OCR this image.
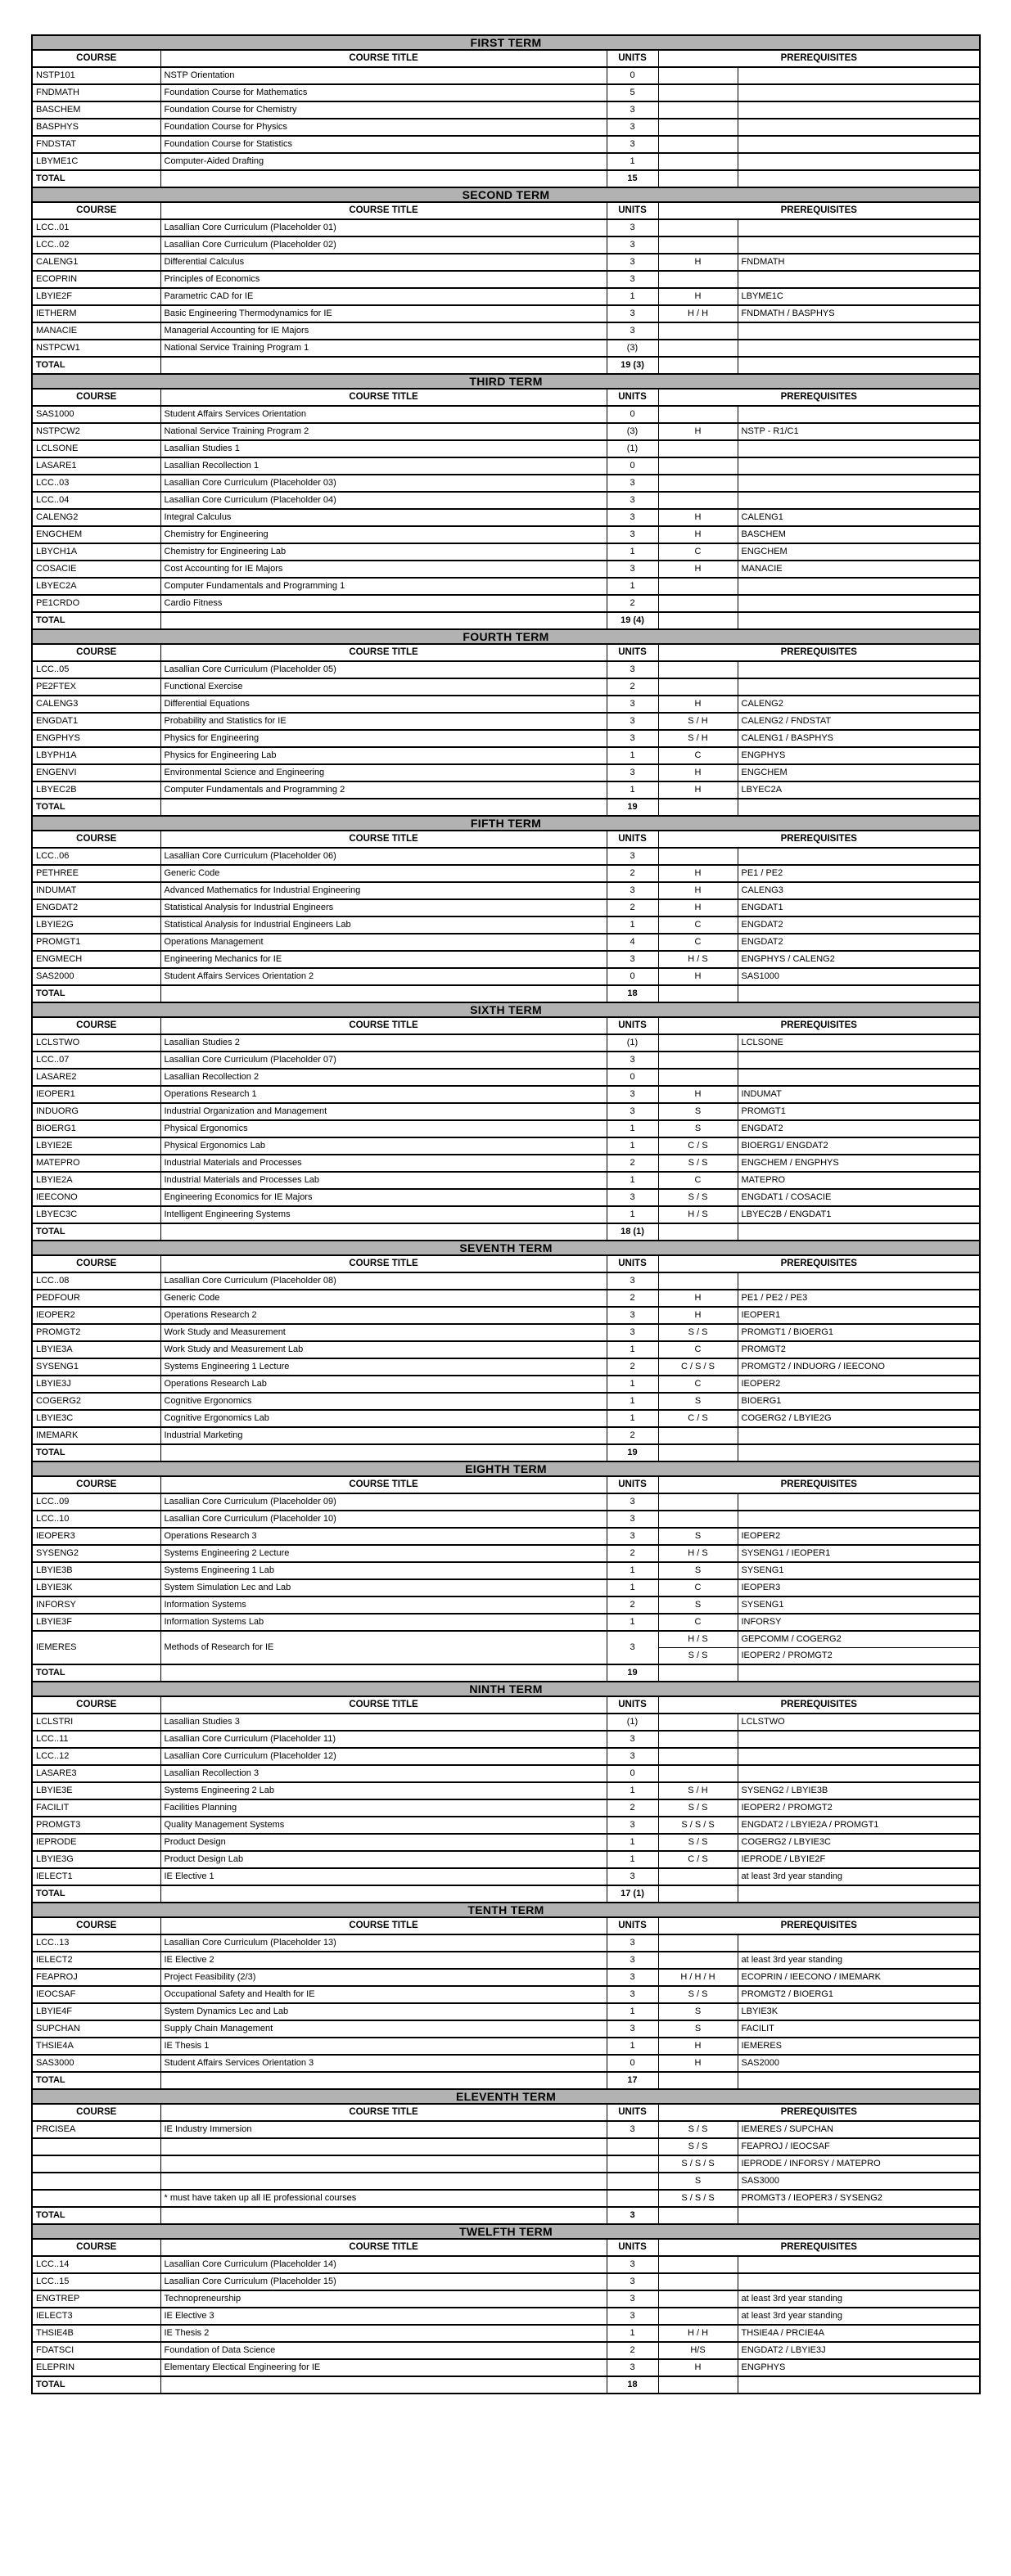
FIRST TERM				
COURSE	COURSE TITLE	UNITS	PREREQUISITES	
NSTP101	NSTP Orientation	0		
FNDMATH	Foundation Course for Mathematics	5		
BASCHEM	Foundation Course for Chemistry	3		
BASPHYS	Foundation Course for Physics	3		
FNDSTAT	Foundation Course for Statistics	3		
LBYME1C	Computer-Aided Drafting	1		
TOTAL		15		
SECOND TERM				
COURSE	COURSE TITLE	UNITS	PREREQUISITES	
LCC..01	Lasallian Core Curriculum (Placeholder 01)	3		
LCC..02	Lasallian Core Curriculum (Placeholder 02)	3		
CALENG1	Differential Calculus	3	H	FNDMATH
ECOPRIN	Principles of Economics	3		
LBYIE2F	Parametric CAD for IE	1	H	LBYME1C
IETHERM	Basic Engineering Thermodynamics for IE	3	H / H	FNDMATH / BASPHYS
MANACIE	Managerial Accounting for IE Majors	3		
NSTPCW1	National Service Training Program 1	(3)		
TOTAL		19 (3)		
THIRD TERM				
COURSE	COURSE TITLE	UNITS	PREREQUISITES	
SAS1000	Student Affairs Services Orientation	0		
NSTPCW2	National Service Training Program 2	(3)	H	NSTP - R1/C1
LCLSONE	Lasallian Studies 1	(1)		
LASARE1	Lasallian Recollection 1	0		
LCC..03	Lasallian Core Curriculum (Placeholder 03)	3		
LCC..04	Lasallian Core Curriculum (Placeholder 04)	3		
CALENG2	Integral Calculus	3	H	CALENG1
ENGCHEM	Chemistry for Engineering	3	H	BASCHEM
LBYCH1A	Chemistry for Engineering Lab	1	C	ENGCHEM
COSACIE	Cost Accounting for IE Majors	3	H	MANACIE
LBYEC2A	Computer Fundamentals and Programming 1	1		
PE1CRDO	Cardio Fitness	2		
TOTAL		19 (4)		
FOURTH TERM				
COURSE	COURSE TITLE	UNITS	PREREQUISITES	
LCC..05	Lasallian Core Curriculum (Placeholder 05)	3		
PE2FTEX	Functional Exercise	2		
CALENG3	Differential Equations	3	H	CALENG2
ENGDAT1	Probability and Statistics for IE	3	S / H	CALENG2 / FNDSTAT
ENGPHYS	Physics for Engineering	3	S / H	CALENG1 / BASPHYS
LBYPH1A	Physics for Engineering Lab	1	C	ENGPHYS
ENGENVI	Environmental Science and Engineering	3	H	ENGCHEM
LBYEC2B	Computer Fundamentals and Programming 2	1	H	LBYEC2A
TOTAL		19		
FIFTH TERM				
COURSE	COURSE TITLE	UNITS	PREREQUISITES	
LCC..06	Lasallian Core Curriculum (Placeholder 06)	3		
PETHREE	Generic Code	2	H	PE1 / PE2
INDUMAT	Advanced Mathematics for Industrial Engineering	3	H	CALENG3
ENGDAT2	Statistical Analysis for Industrial Engineers	2	H	ENGDAT1
LBYIE2G	Statistical Analysis for Industrial Engineers Lab	1	C	ENGDAT2
PROMGT1	Operations Management	4	C	ENGDAT2
ENGMECH	Engineering Mechanics for IE	3	H / S	ENGPHYS / CALENG2
SAS2000	Student Affairs Services Orientation 2	0	H	SAS1000
TOTAL		18		
SIXTH TERM				
COURSE	COURSE TITLE	UNITS	PREREQUISITES	
LCLSTWO	Lasallian Studies 2	(1)		LCLSONE
LCC..07	Lasallian Core Curriculum (Placeholder 07)	3		
LASARE2	Lasallian Recollection 2	0		
IEOPER1	Operations Research 1	3	H	INDUMAT
INDUORG	Industrial Organization and Management	3	S	PROMGT1
BIOERG1	Physical Ergonomics	1	S	ENGDAT2
LBYIE2E	Physical Ergonomics Lab	1	C / S	BIOERG1/ ENGDAT2
MATEPRO	Industrial Materials and Processes	2	S / S	ENGCHEM / ENGPHYS
LBYIE2A	Industrial Materials and Processes Lab	1	C	MATEPRO
IEECONO	Engineering Economics for IE Majors	3	S / S	ENGDAT1 / COSACIE
LBYEC3C	Intelligent Engineering Systems	1	H / S	LBYEC2B / ENGDAT1
TOTAL		18 (1)		
SEVENTH TERM				
COURSE	COURSE TITLE	UNITS	PREREQUISITES	
LCC..08	Lasallian Core Curriculum (Placeholder 08)	3		
PEDFOUR	Generic Code	2	H	PE1 / PE2 / PE3
IEOPER2	Operations Research 2	3	H	IEOPER1
PROMGT2	Work Study and Measurement	3	S / S	PROMGT1 / BIOERG1
LBYIE3A	Work Study and Measurement Lab	1	C	PROMGT2
SYSENG1	Systems Engineering 1 Lecture	2	C / S / S	PROMGT2 / INDUORG / IEECONO
LBYIE3J	Operations Research Lab	1	C	IEOPER2
COGERG2	Cognitive Ergonomics	1	S	BIOERG1
LBYIE3C	Cognitive Ergonomics Lab	1	C / S	COGERG2 / LBYIE2G
IMEMARK	Industrial Marketing	2		
TOTAL		19		
EIGHTH TERM				
COURSE	COURSE TITLE	UNITS	PREREQUISITES	
LCC..09	Lasallian Core Curriculum (Placeholder 09)	3		
LCC..10	Lasallian Core Curriculum (Placeholder 10)	3		
IEOPER3	Operations Research 3	3	S	IEOPER2
SYSENG2	Systems Engineering 2 Lecture	2	H / S	SYSENG1 / IEOPER1
LBYIE3B	Systems Engineering 1 Lab	1	S	SYSENG1
LBYIE3K	System Simulation Lec and Lab	1	C	IEOPER3
INFORSY	Information Systems	2	S	SYSENG1
LBYIE3F	Information Systems Lab	1	C	INFORSY
IEMERES	Methods of Research for IE	3	H / S	GEPCOMM / COGERG2
			S / S	IEOPER2 / PROMGT2
TOTAL		19		
NINTH TERM				
COURSE	COURSE TITLE	UNITS	PREREQUISITES	
LCLSTRI	Lasallian Studies 3	(1)		LCLSTWO
LCC..11	Lasallian Core Curriculum (Placeholder 11)	3		
LCC..12	Lasallian Core Curriculum (Placeholder 12)	3		
LASARE3	Lasallian Recollection 3	0		
LBYIE3E	Systems Engineering 2 Lab	1	S / H	SYSENG2 / LBYIE3B
FACILIT	Facilities Planning	2	S / S	IEOPER2 / PROMGT2
PROMGT3	Quality Management Systems	3	S / S / S	ENGDAT2 / LBYIE2A / PROMGT1
IEPRODE	Product Design	1	S / S	COGERG2 / LBYIE3C
LBYIE3G	Product Design Lab	1	C / S	IEPRODE / LBYIE2F
IELECT1	IE Elective 1	3		at least 3rd year standing
TOTAL		17 (1)		
TENTH TERM				
COURSE	COURSE TITLE	UNITS	PREREQUISITES	
LCC..13	Lasallian Core Curriculum (Placeholder 13)	3		
IELECT2	IE Elective 2	3		at least 3rd year standing
FEAPROJ	Project Feasibility (2/3)	3	H / H / H	ECOPRIN / IEECONO / IMEMARK
IEOCSAF	Occupational Safety and Health for IE	3	S / S	PROMGT2 / BIOERG1
LBYIE4F	System Dynamics Lec and Lab	1	S	LBYIE3K
SUPCHAN	Supply Chain Management	3	S	FACILIT
THSIE4A	IE Thesis 1	1	H	IEMERES
SAS3000	Student Affairs Services Orientation 3	0	H	SAS2000
TOTAL		17		
ELEVENTH TERM				
COURSE	COURSE TITLE	UNITS	PREREQUISITES	
PRCISEA	IE Industry Immersion	3	S / S	IEMERES / SUPCHAN
			S / S	FEAPROJ / IEOCSAF
			S / S / S	IEPRODE / INFORSY / MATEPRO
			S	SAS3000
	* must have taken up all IE professional courses		S / S / S	PROMGT3 / IEOPER3 / SYSENG2
TOTAL		3		
TWELFTH TERM				
COURSE	COURSE TITLE	UNITS	PREREQUISITES	
LCC..14	Lasallian Core Curriculum (Placeholder 14)	3		
LCC..15	Lasallian Core Curriculum (Placeholder 15)	3		
ENGTREP	Technopreneurship	3		at least 3rd year standing
IELECT3	IE Elective 3	3		at least 3rd year standing
THSIE4B	IE Thesis 2	1	H / H	THSIE4A / PRCIE4A
FDATSCI	Foundation of Data Science	2	H/S	ENGDAT2 / LBYIE3J
ELEPRIN	Elementary Electical Engineering for IE	3	H	ENGPHYS
TOTAL		18		
